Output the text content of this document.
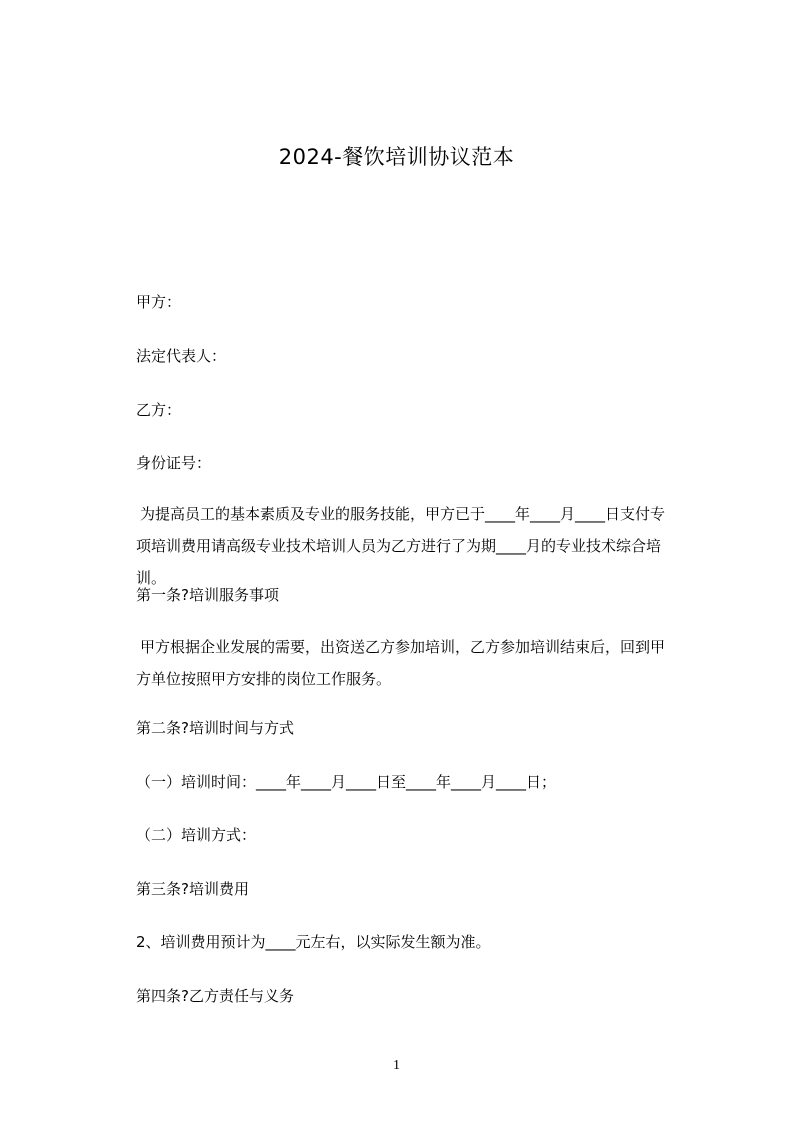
2024-餐饮培训协议范本
甲方：
法定代表人：
乙方：
身份证号：
为提高员工的基本素质及专业的服务技能，甲方已于____年____月____日支付专项培训费用请高级专业技术培训人员为乙方进行了为期____月的专业技术综合培训。
第一条?培训服务事项
甲方根据企业发展的需要，出资送乙方参加培训，乙方参加培训结束后，回到甲方单位按照甲方安排的岗位工作服务。
第二条?培训时间与方式
（一）培训时间：____年____月____日至____年____月____日；
（二）培训方式：
第三条?培训费用
2、培训费用预计为____元左右，以实际发生额为准。
第四条?乙方责任与义务
1
